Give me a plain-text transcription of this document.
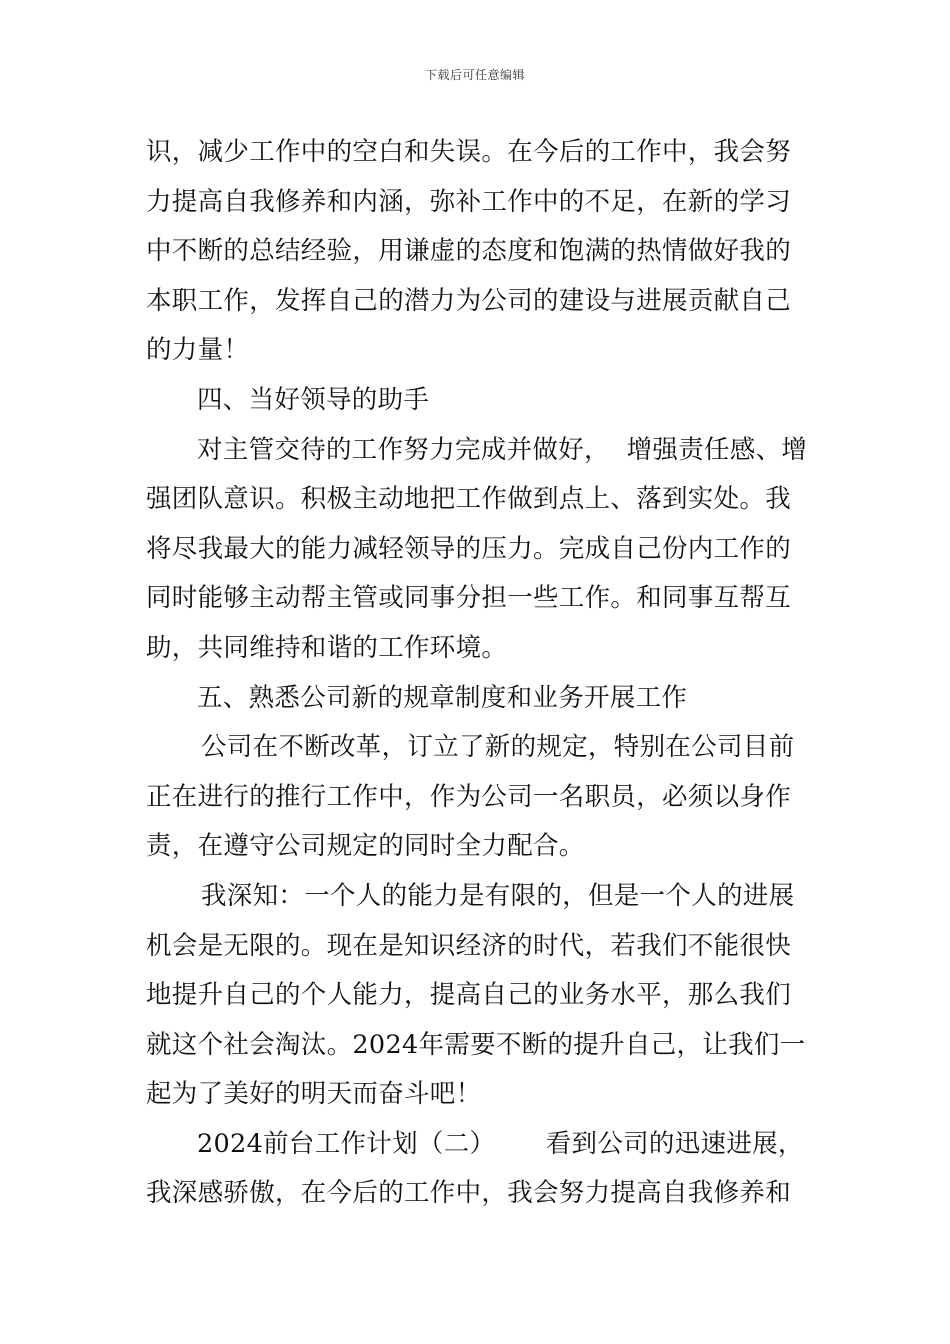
下载后可任意编辑
识，减少工作中的空白和失误。在今后的工作中，我会努
力提高自我修养和内涵，弥补工作中的不足，在新的学习
中不断的总结经验，用谦虚的态度和饱满的热情做好我的
本职工作，发挥自己的潜力为公司的建设与进展贡献自己
的力量！
四、当好领导的助手
对主管交待的工作努力完成并做好，  增强责任感、增
强团队意识。积极主动地把工作做到点上、落到实处。我
将尽我最大的能力减轻领导的压力。完成自己份内工作的
同时能够主动帮主管或同事分担一些工作。和同事互帮互
助，共同维持和谐的工作环境。
五、熟悉公司新的规章制度和业务开展工作
公司在不断改革，订立了新的规定，特别在公司目前
正在进行的推行工作中，作为公司一名职员，必须以身作
责，在遵守公司规定的同时全力配合。
我深知：一个人的能力是有限的，但是一个人的进展
机会是无限的。现在是知识经济的时代，若我们不能很快
地提升自己的个人能力，提高自己的业务水平，那么我们
就这个社会淘汰。2024年需要不断的提升自己，让我们一
起为了美好的明天而奋斗吧！
2024前台工作计划（二）      看到公司的迅速进展，
我深感骄傲，在今后的工作中，我会努力提高自我修养和
